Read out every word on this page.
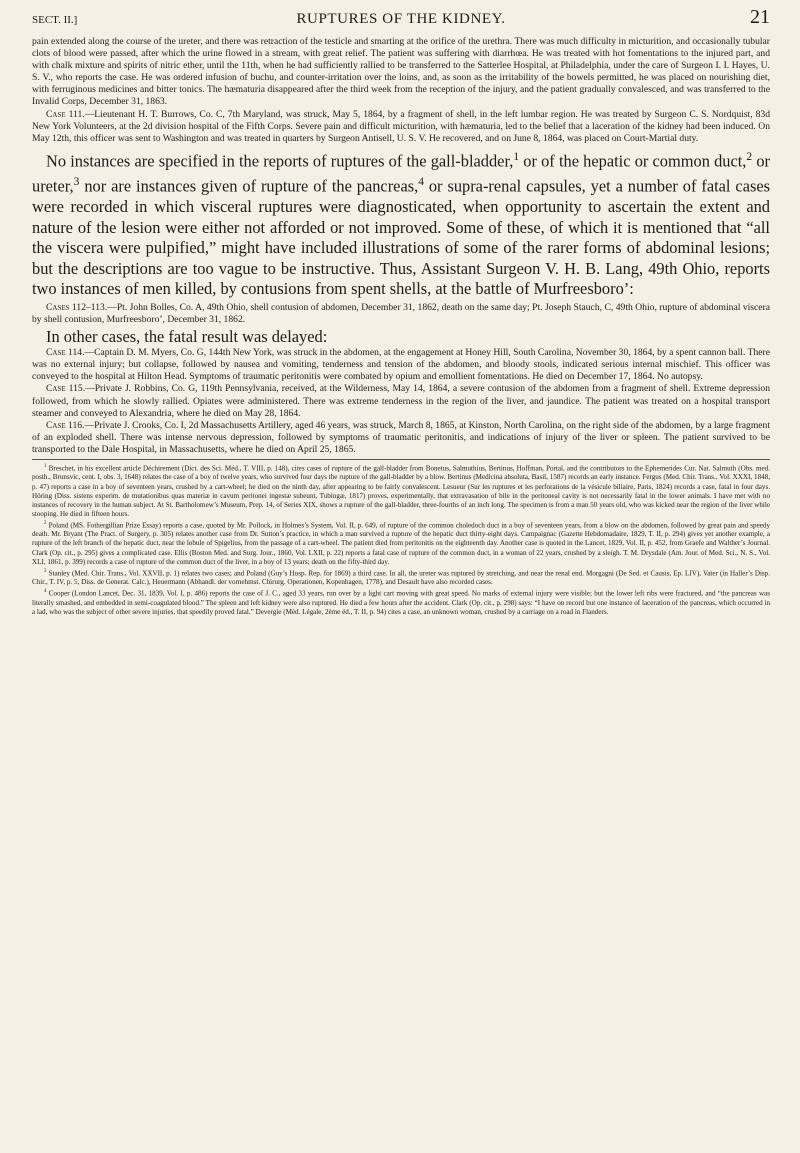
SECT. II.]	RUPTURES OF THE KIDNEY.	21

pain extended along the course of the ureter, and there was retraction of the testicle and smarting at the orifice of the urethra. There was much difficulty in micturition, and occasionally tubular clots of blood were passed, after which the urine flowed in a stream, with great relief. The patient was suffering with diarrhœa. He was treated with hot fomentations to the injured part, and with chalk mixture and spirits of nitric ether, until the 11th, when he had sufficiently rallied to be transferred to the Satterlee Hospital, at Philadelphia, under the care of Surgeon I. I. Hayes, U. S. V., who reports the case. He was ordered infusion of buchu, and counter-irritation over the loins, and, as soon as the irritability of the bowels permitted, he was placed on nourishing diet, with ferruginous medicines and bitter tonics. The hæmaturia disappeared after the third week from the reception of the injury, and the patient gradually convalesced, and was transferred to the Invalid Corps, December 31, 1863.

Case 111.—Lieutenant H. T. Burrows, Co. C, 7th Maryland, was struck, May 5, 1864, by a fragment of shell, in the left lumbar region. He was treated by Surgeon C. S. Nordquist, 83d New York Volunteers, at the 2d division hospital of the Fifth Corps. Severe pain and difficult micturition, with hæmaturia, led to the belief that a laceration of the kidney had been induced. On May 12th, this officer was sent to Washington and was treated in quarters by Surgeon Antisell, U. S. V. He recovered, and on June 8, 1864, was placed on Court-Martial duty.

No instances are specified in the reports of ruptures of the gall-bladder,$^1$ or of the hepatic or common duct,$^2$ or ureter,$^3$ nor are instances given of rupture of the pancreas,$^4$ or supra-renal capsules, yet a number of fatal cases were recorded in which visceral ruptures were diagnosticated, when opportunity to ascertain the extent and nature of the lesion were either not afforded or not improved. Some of these, of which it is mentioned that “all the viscera were pulpified,” might have included illustrations of some of the rarer forms of abdominal lesions; but the descriptions are too vague to be instructive. Thus, Assistant Surgeon V. H. B. Lang, 49th Ohio, reports two instances of men killed, by contusions from spent shells, at the battle of Murfreesboro’:

Cases 112–113.—Pt. John Bolles, Co. A, 49th Ohio, shell contusion of abdomen, December 31, 1862, death on the same day; Pt. Joseph Stauch, C, 49th Ohio, rupture of abdominal viscera by shell contusion, Murfreesboro’, December 31, 1862.

In other cases, the fatal result was delayed:

Case 114.—Captain D. M. Myers, Co. G, 144th New York, was struck in the abdomen, at the engagement at Honey Hill, South Carolina, November 30, 1864, by a spent cannon ball. There was no external injury; but collapse, followed by nausea and vomiting, tenderness and tension of the abdomen, and bloody stools, indicated serious internal mischief. This officer was conveyed to the hospital at Hilton Head. Symptoms of traumatic peritonitis were combated by opium and emollient fomentations. He died on December 17, 1864. No autopsy.

Case 115.—Private J. Robbins, Co. G, 119th Pennsylvania, received, at the Wilderness, May 14, 1864, a severe contusion of the abdomen from a fragment of shell. Extreme depression followed, from which he slowly rallied. Opiates were administered. There was extreme tenderness in the region of the liver, and jaundice. The patient was treated on a hospital transport steamer and conveyed to Alexandria, where he died on May 28, 1864.

Case 116.—Private J. Crooks, Co. I, 2d Massachusetts Artillery, aged 46 years, was struck, March 8, 1865, at Kinston, North Carolina, on the right side of the abdomen, by a large fragment of an exploded shell. There was intense nervous depression, followed by symptoms of traumatic peritonitis, and indications of injury of the liver or spleen. The patient survived to be transported to the Dale Hospital, in Massachusetts, where he died on April 25, 1865.

$^1$ Breschet, in his excellent article Déchirement (Dict. des Sci. Méd., T. VIII, p. 148), cites cases of rupture of the gall-bladder from Bonetus, Salmuthius, Bertinus, Hoffman, Portal, and the contributors to the Ephemerides Cur. Nat. Salmuth (Obs. med. posth., Brunsvic, cent. I, obs. 3, 1648) relates the case of a boy of twelve years, who survived four days the rupture of the gall-bladder by a blow. Bertinus (Medicina absoluta, Basil, 1587) records an early instance. Fergus (Med. Chir. Trans., Vol. XXXI, 1848, p. 47) reports a case in a boy of seventeen years, crushed by a cart-wheel; he died on the ninth day, after appearing to be fairly convalescent. Lesueur (Sur les ruptures et les perforations de la vésicule biliaire, Paris, 1824) records a case, fatal in four days. Höring (Diss. sistens experim. de mutationibus quas materiæ in cavum peritonei ingestæ subeunt, Tubingæ, 1817) proves, experimentally, that extravasation of bile in the peritoneal cavity is not necessarily fatal in the lower animals. I have met with no instances of recovery in the human subject. At St. Bartholomew’s Museum, Prep. 14, of Series XIX, shows a rupture of the gall-bladder, three-fourths of an inch long. The specimen is from a man 50 years old, who was kicked near the region of the liver while stooping. He died in fifteen hours.

$^2$ Poland (MS. Fothergillian Prize Essay) reports a case, quoted by Mr. Pollock, in Holmes’s System, Vol. II, p. 649, of rupture of the common choledoch duct in a boy of seventeen years, from a blow on the abdomen, followed by great pain and speedy death. Mr. Bryant (The Pract. of Surgery, p. 305) relates another case from Dr. Sutton’s practice, in which a man survived a rupture of the hepatic duct thirty-eight days. Campaignac (Gazette Hebdomadaire, 1829, T. II, p. 294) gives yet another example, a rupture of the left branch of the hepatic duct, near the lobule of Spigelius, from the passage of a cart-wheel. The patient died from peritonitis on the eighteenth day. Another case is quoted in the Lancet, 1829, Vol. II, p. 452, from Graefe and Walther’s Journal. Clark (Op. cit., p. 295) gives a complicated case. Ellis (Boston Med. and Surg. Jour., 1860, Vol. LXII, p. 22) reports a fatal case of rupture of the common duct, in a woman of 22 years, crushed by a sleigh. T. M. Drysdale (Am. Jour. of Med. Sci., N. S., Vol. XLI, 1861, p. 399) records a case of rupture of the common duct of the liver, in a boy of 13 years; death on the fifty-third day.

$^3$ Stanley (Med. Chir. Trans., Vol. XXVII, p. 1) relates two cases; and Poland (Guy’s Hosp. Rep. for 1869) a third case. In all, the ureter was ruptured by stretching, and near the renal end. Morgagni (De Sed. et Causis, Ep. LIV), Vater (in Haller’s Disp. Chir., T. IV, p. 5, Diss. de Generat. Calc.), Heuermann (Abhandl. der vornehmst. Chirurg. Operationen, Kopenhagen, 1778), and Desault have also recorded cases.

$^4$ Cooper (London Lancet, Dec. 31, 1839, Vol. I, p. 486) reports the case of J. C., aged 33 years, run over by a light cart moving with great speed. No marks of external injury were visible; but the lower left ribs were fractured, and “the pancreas was literally smashed, and embedded in semi-coagulated blood.” The spleen and left kidney were also ruptured. He died a few hours after the accident. Clark (Op. cit., p. 298) says: “I have on record but one instance of laceration of the pancreas, which occurred in a lad, who was the subject of other severe injuries, that speedily proved fatal.” Devergie (Méd. Légale, 2ème éd., T. II, p. 94) cites a case, an unknown woman, crushed by a carriage on a road in Flanders.
